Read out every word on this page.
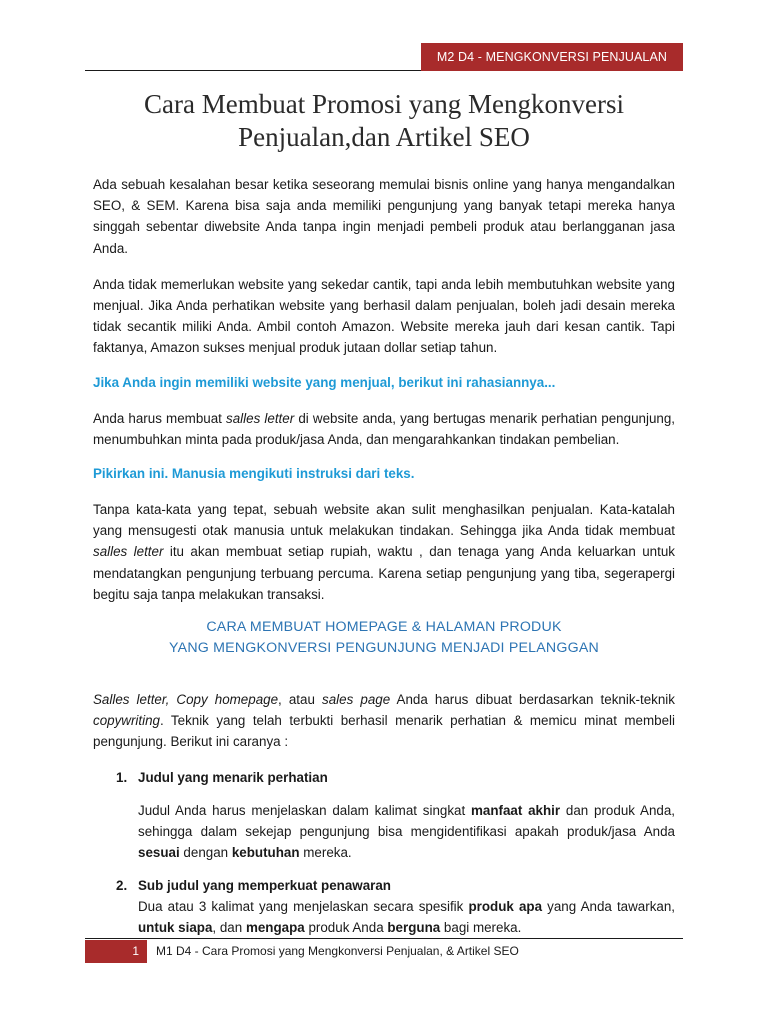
M2 D4 - MENGKONVERSI PENJUALAN
Cara Membuat Promosi yang Mengkonversi
Penjualan,dan Artikel SEO

Ada sebuah kesalahan besar ketika seseorang memulai bisnis online yang hanya mengandalkan SEO, & SEM. Karena bisa saja anda memiliki pengunjung yang banyak tetapi mereka hanya singgah sebentar diwebsite Anda tanpa ingin menjadi pembeli produk atau berlangganan jasa Anda.

Anda tidak memerlukan website yang sekedar cantik, tapi anda lebih membutuhkan website yang menjual. Jika Anda perhatikan website yang berhasil dalam penjualan, boleh jadi desain mereka tidak secantik miliki Anda. Ambil contoh Amazon. Website mereka jauh dari kesan cantik. Tapi faktanya, Amazon sukses menjual produk jutaan dollar setiap tahun.

Jika Anda ingin memiliki website yang menjual, berikut ini rahasiannya...

Anda harus membuat salles letter di website anda, yang bertugas menarik perhatian pengunjung, menumbuhkan minta pada produk/jasa Anda, dan mengarahkankan tindakan pembelian.

Pikirkan ini. Manusia mengikuti instruksi dari teks.

Tanpa kata-kata yang tepat, sebuah website akan sulit menghasilkan penjualan. Kata-katalah yang mensugesti otak manusia untuk melakukan tindakan. Sehingga jika Anda tidak membuat salles letter itu akan membuat setiap rupiah, waktu , dan tenaga yang Anda keluarkan untuk mendatangkan pengunjung terbuang percuma. Karena setiap pengunjung yang tiba, segerapergi begitu saja tanpa melakukan transaksi.

CARA MEMBUAT HOMEPAGE & HALAMAN PRODUK
YANG MENGKONVERSI PENGUNJUNG MENJADI PELANGGAN

Salles letter, Copy homepage, atau sales page Anda harus dibuat berdasarkan teknik-teknik copywriting. Teknik yang telah terbukti berhasil menarik perhatian & memicu minat membeli pengunjung. Berikut ini caranya :

1. Judul yang menarik perhatian

Judul Anda harus menjelaskan dalam kalimat singkat manfaat akhir dan produk Anda, sehingga dalam sekejap pengunjung bisa mengidentifikasi apakah produk/jasa Anda sesuai dengan kebutuhan mereka.

2. Sub judul yang memperkuat penawaran

Dua atau 3 kalimat yang menjelaskan secara spesifik produk apa yang Anda tawarkan, untuk siapa, dan mengapa produk Anda berguna bagi mereka.

1	M1 D4 - Cara Promosi yang Mengkonversi Penjualan, & Artikel SEO
